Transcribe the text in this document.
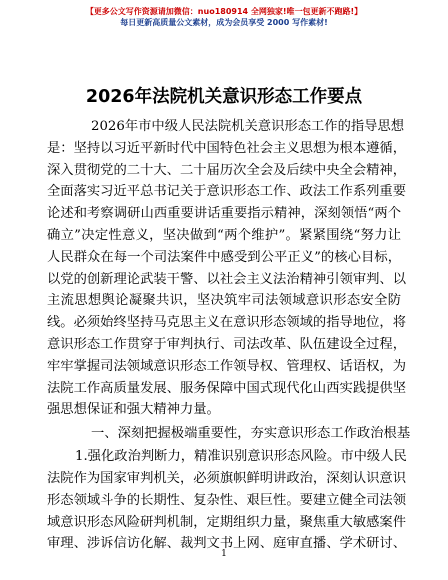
【更多公文写作资源请加微信：nuo180914 全网独家!唯一包更新不跑路!】
每日更新高质量公文素材，成为会员享受 2000 写作素材!
2026年法院机关意识形态工作要点
2026年市中级人民法院机关意识形态工作的指导思想
是：坚持以习近平新时代中国特色社会主义思想为根本遵循，
深入贯彻党的二十大、二十届历次全会及后续中央全会精神，
全面落实习近平总书记关于意识形态工作、政法工作系列重要
论述和考察调研山西重要讲话重要指示精神，深刻领悟“两个
确立”决定性意义，坚决做到“两个维护”。紧紧围绕“努力让
人民群众在每一个司法案件中感受到公平正义”的核心目标，
以党的创新理论武装干警、以社会主义法治精神引领审判、以
主流思想舆论凝聚共识，坚决筑牢司法领域意识形态安全防
线。必须始终坚持马克思主义在意识形态领域的指导地位，将
意识形态工作贯穿于审判执行、司法改革、队伍建设全过程，
牢牢掌握司法领域意识形态工作领导权、管理权、话语权，为
法院工作高质量发展、服务保障中国式现代化山西实践提供坚
强思想保证和强大精神力量。
一、深刻把握极端重要性，夯实意识形态工作政治根基
1.强化政治判断力，精准识别意识形态风险。市中级人民
法院作为国家审判机关，必须旗帜鲜明讲政治，深刻认识意识
形态领域斗争的长期性、复杂性、艰巨性。要建立健全司法领
域意识形态风险研判机制，定期组织力量，聚焦重大敏感案件
审理、涉诉信访化解、裁判文书上网、庭审直播、学术研讨、
1
